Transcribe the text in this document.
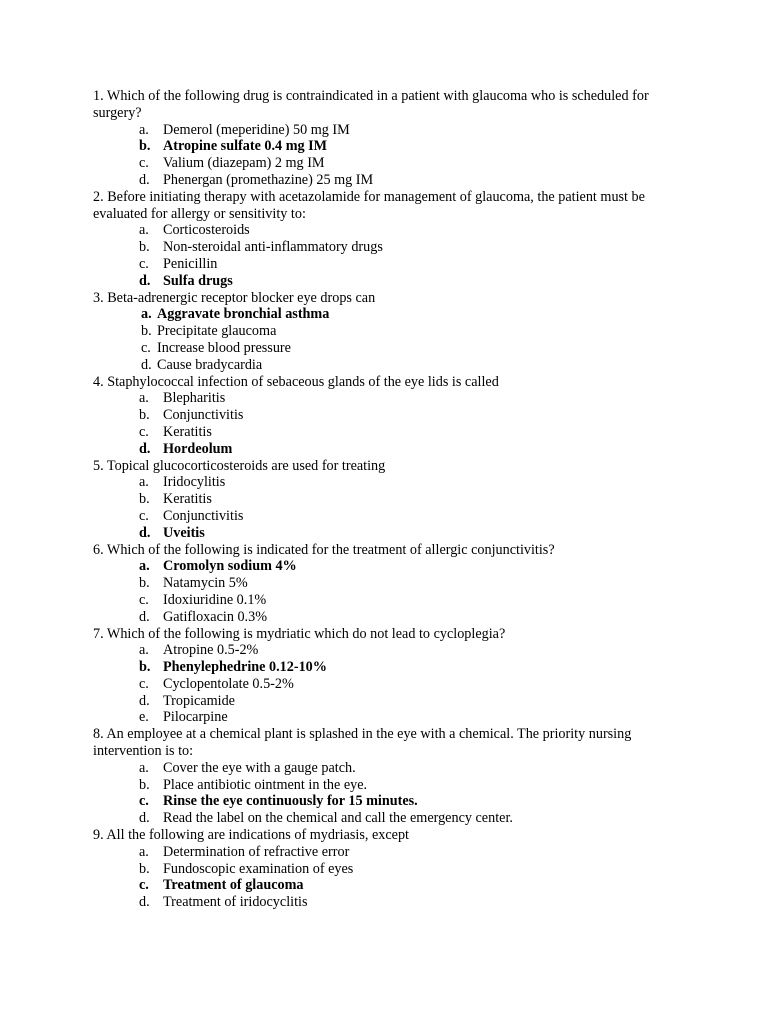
1. Which of the following drug is contraindicated in a patient with glaucoma who is scheduled for surgery?
a. Demerol (meperidine) 50 mg IM
b. Atropine sulfate 0.4 mg IM
c. Valium (diazepam) 2 mg IM
d. Phenergan (promethazine) 25 mg IM
2. Before initiating therapy with acetazolamide for management of glaucoma, the patient must be evaluated for allergy or sensitivity to:
a. Corticosteroids
b. Non-steroidal anti-inflammatory drugs
c. Penicillin
d. Sulfa drugs
3. Beta-adrenergic receptor blocker eye drops can
a. Aggravate bronchial asthma
b. Precipitate glaucoma
c. Increase blood pressure
d. Cause bradycardia
4. Staphylococcal infection of sebaceous glands of the eye lids is called
a. Blepharitis
b. Conjunctivitis
c. Keratitis
d. Hordeolum
5. Topical glucocorticosteroids are used for treating
a. Iridocylitis
b. Keratitis
c. Conjunctivitis
d. Uveitis
6. Which of the following is indicated for the treatment of allergic conjunctivitis?
a. Cromolyn sodium 4%
b. Natamycin 5%
c. Idoxiuridine 0.1%
d. Gatifloxacin 0.3%
7. Which of the following is mydriatic which do not lead to cycloplegia?
a. Atropine 0.5-2%
b. Phenylephedrine 0.12-10%
c. Cyclopentolate 0.5-2%
d. Tropicamide
e. Pilocarpine
8. An employee at a chemical plant is splashed in the eye with a chemical. The priority nursing intervention is to:
a. Cover the eye with a gauge patch.
b. Place antibiotic ointment in the eye.
c. Rinse the eye continuously for 15 minutes.
d. Read the label on the chemical and call the emergency center.
9. All the following are indications of mydriasis, except
a. Determination of refractive error
b. Fundoscopic examination of eyes
c. Treatment of glaucoma
d. Treatment of iridocyclitis
